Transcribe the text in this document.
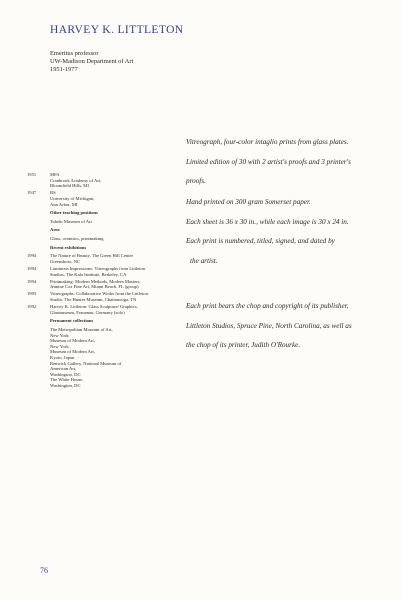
HARVEY K. LITTLETON
Emeritus professor
UW-Madison Department of Art
1951-1977
1951	MFA
Cranbrook Academy of Art,
Bloomfield Hills, MI
1947	BS
University of Michigan,
Ann Arbor, MI
Other teaching positions
Toledo Museum of Art
Area
Glass, ceramics, printmaking
Recent exhibitions
1994	The Nature of Beauty, The Green Hill Center Greensboro, NC
1994	Luminous Impressions: Vitreographs from Littleton Studios, The Kala Institute, Berkeley, CA
1994	Printmaking: Modern Methods, Modern Masters, Jeanine Cox Fine Art, Miami Beach, FL (group)
1993	Vitreographs: Collaborative Works from the Littleton Studio, The Hunter Museum, Chattanooga, TN
1992	Harvey K. Littleton: Glass Sculpture/ Graphics, Glasmuseum, Frauenau, Germany (solo)
Permanent collections
The Metropolitan Museum of Art,
New York
Museum of Modern Art,
New York
Museum of Modern Art,
Kyoto, Japan
Renwick Gallery, National Museum of
American Art,
Washington, DC
The White House,
Washington, DC
Vitreograph, four-color intaglio prints from glass plates.
Limited edition of 30 with 2 artist's proofs and 3 printer's
proofs.
Hand printed on 300 gram Somerset paper.
Each sheet is 36 x 30 in., while each image is 30 x 24 in.
Each print is numbered, titled, signed, and dated by
the artist.
Each print bears the chop and copyright of its publisher,
Littleton Studios, Spruce Pine, North Carolina, as well as
the chop of its printer, Judith O'Rourke.
76
